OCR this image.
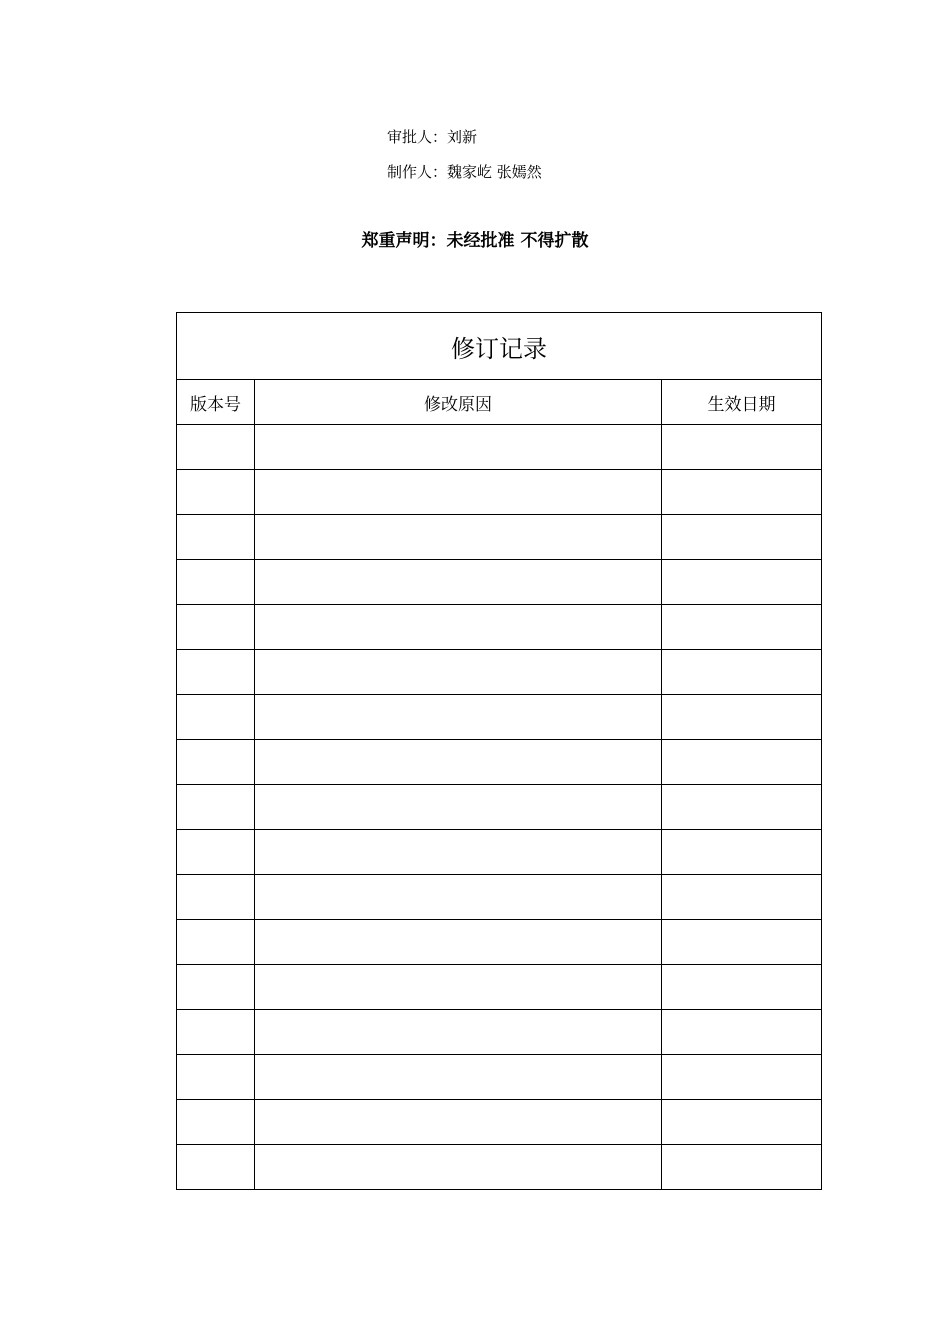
审批人：刘新
制作人：魏家屹 张嫣然
郑重声明：未经批准 不得扩散
修订记录		
版本号	修改原因	生效日期
